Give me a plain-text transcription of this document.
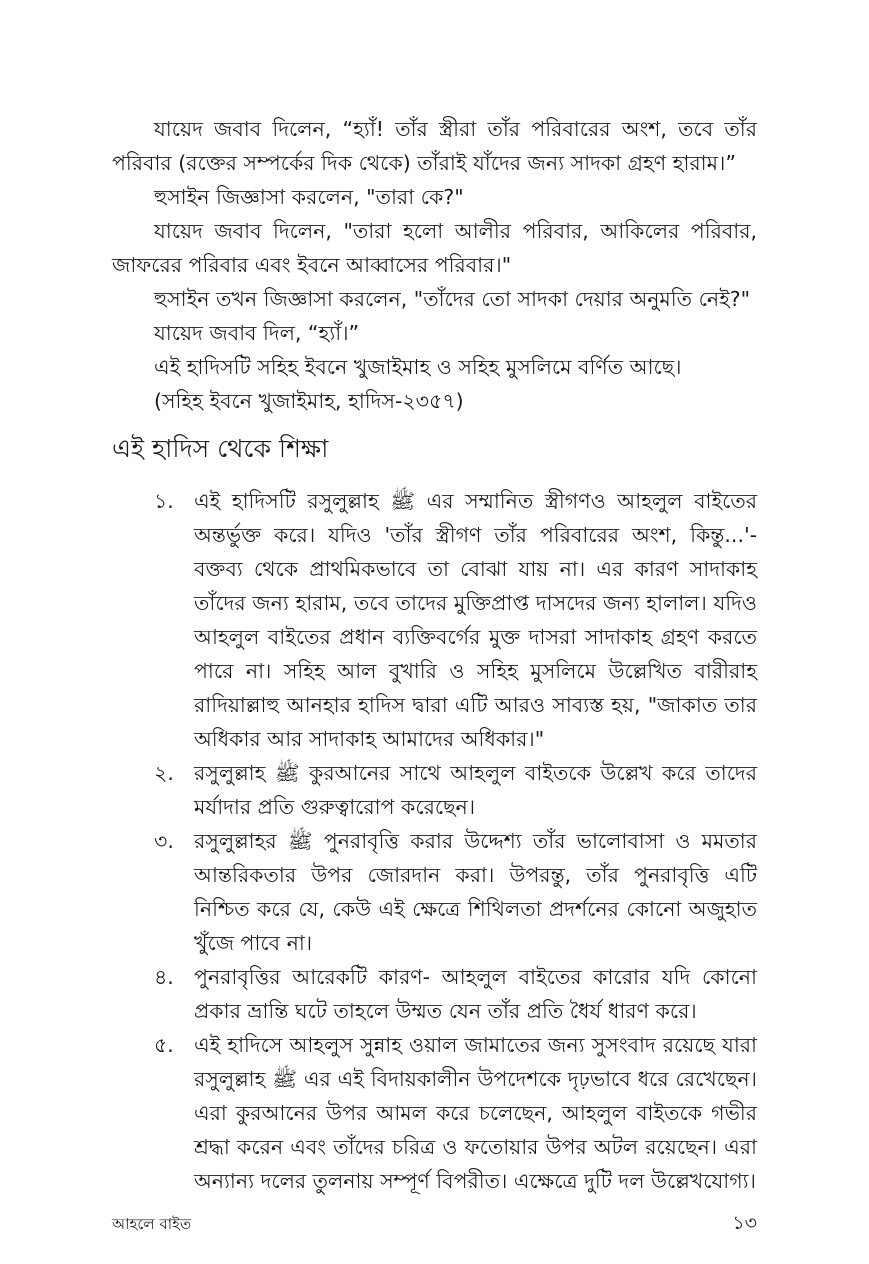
যায়েদ জবাব দিলেন, “হ্যাঁ! তাঁর স্ত্রীরা তাঁর পরিবারের অংশ, তবে তাঁর পরিবার (রক্তের সম্পর্কের দিক থেকে) তাঁরাই যাঁদের জন্য সাদকা গ্রহণ হারাম।”

হুসাইন জিজ্ঞাসা করলেন, "তারা কে?"

যায়েদ জবাব দিলেন, "তারা হলো আলীর পরিবার, আকিলের পরিবার, জাফরের পরিবার এবং ইবনে আব্বাসের পরিবার।"

হুসাইন তখন জিজ্ঞাসা করলেন, "তাঁদের তো সাদকা দেয়ার অনুমতি নেই?"

যায়েদ জবাব দিল, “হ্যাঁ।”

এই হাদিসটি সহিহ ইবনে খুজাইমাহ ও সহিহ মুসলিমে বর্ণিত আছে।

(সহিহ ইবনে খুজাইমাহ, হাদিস-২৩৫৭)

এই হাদিস থেকে শিক্ষা
১. এই হাদিসটি রসুলুল্লাহ ﷺ এর সম্মানিত স্ত্রীগণও আহলুল বাইতের অন্তর্ভুক্ত করে। যদিও 'তাঁর স্ত্রীগণ তাঁর পরিবারের অংশ, কিন্তু...'- বক্তব্য থেকে প্রাথমিকভাবে তা বোঝা যায় না। এর কারণ সাদাকাহ তাঁদের জন্য হারাম, তবে তাদের মুক্তিপ্রাপ্ত দাসদের জন্য হালাল। যদিও আহলুল বাইতের প্রধান ব্যক্তিবর্গের মুক্ত দাসরা সাদাকাহ গ্রহণ করতে পারে না। সহিহ আল বুখারি ও সহিহ মুসলিমে উল্লেখিত বারীরাহ রাদিয়াল্লাহু আনহার হাদিস দ্বারা এটি আরও সাব্যস্ত হয়, "জাকাত তার অধিকার আর সাদাকাহ আমাদের অধিকার।"
২. রসুলুল্লাহ ﷺ কুরআনের সাথে আহলুল বাইতকে উল্লেখ করে তাদের মর্যাদার প্রতি গুরুত্বারোপ করেছেন।
৩. রসুলুল্লাহর ﷺ পুনরাবৃত্তি করার উদ্দেশ্য তাঁর ভালোবাসা ও মমতার আন্তরিকতার উপর জোরদান করা। উপরন্তু, তাঁর পুনরাবৃত্তি এটি নিশ্চিত করে যে, কেউ এই ক্ষেত্রে শিথিলতা প্রদর্শনের কোনো অজুহাত খুঁজে পাবে না।
৪. পুনরাবৃত্তির আরেকটি কারণ- আহলুল বাইতের কারোর যদি কোনো প্রকার ভ্রান্তি ঘটে তাহলে উম্মত যেন তাঁর প্রতি ধৈর্য ধারণ করে।
৫. এই হাদিসে আহলুস সুন্নাহ ওয়াল জামাতের জন্য সুসংবাদ রয়েছে যারা রসুলুল্লাহ ﷺ এর এই বিদায়কালীন উপদেশকে দৃঢ়ভাবে ধরে রেখেছেন। এরা কুরআনের উপর আমল করে চলেছেন, আহলুল বাইতকে গভীর শ্রদ্ধা করেন এবং তাঁদের চরিত্র ও ফতোয়ার উপর অটল রয়েছেন। এরা অন্যান্য দলের তুলনায় সম্পূর্ণ বিপরীত। এক্ষেত্রে দুটি দল উল্লেখযোগ্য।
আহলে বাইত	১৩
